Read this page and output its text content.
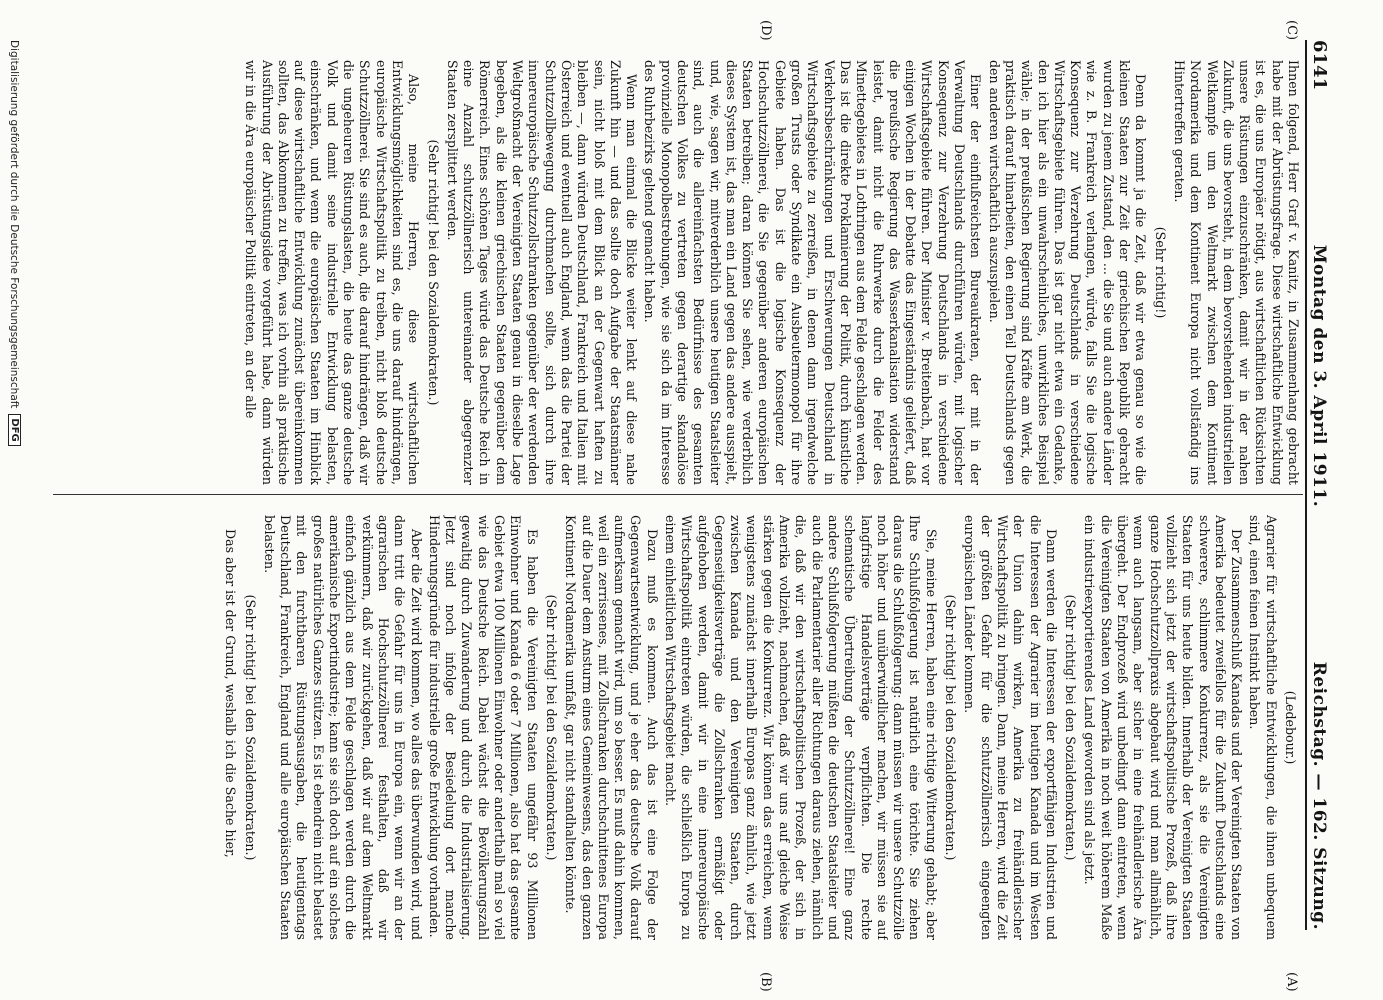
6141
Montag den 3. April 1911.
Reichstag. — 162. Sitzung.
(C)
(D)
(A)
(B)

Ihnen folgend, Herr Graf v. Kanitz, in Zusammenhang gebracht habe mit der Abrüstungsfrage. Diese wirtschaftliche Entwicklung ist es, die uns Europäer nötigt, aus wirtschaftlichen Rücksichten unsere Rüstungen einzuschränken, damit wir in der nahen Zukunft, die uns bevorsteht, in dem bevorstehenden industriellen Weltkampfe um den Weltmarkt zwischen dem Kontinent Nordamerika und dem Kontinent Europa nicht vollständig ins Hintertreffen geraten.

(Sehr richtig!)

Denn da kommt ja die Zeit, daß wir etwa genau so wie die kleinen Staaten zur Zeit der griechischen Republik gebracht wurden zu jenem Zustand, den ... die Sie und auch andere Länder wie z. B. Frankreich verlangen, würde, falls Sie die logische Konsequenz zur Verzehrung Deutschlands in verschiedene Wirtschaftsgebiete führen. Das ist gar nicht etwa ein Gedanke, den ich hier als ein unwahrscheinliches, unwirkliches Beispiel wähle; in der preußischen Regierung sind Kräfte am Werk, die praktisch darauf hinarbeiten, den einen Teil Deutschlands gegen den anderen wirtschaftlich auszuspielen.

Einer der einflußreichsten Bureaukraten, der mit in der Verwaltung Deutschlands durchführen würden, mit logischer Konsequenz zur Verzehrung Deutschlands in verschiedene Wirtschaftsgebiete führen. Der Minister v. Breitenbach, hat vor einigen Wochen in der Debatte das Eingeständnis geliefert, daß die preußische Regierung das Wasserkanalisation widerstand leistet, damit nicht die Ruhrwerke durch die Felder des Minettegebietes in Lothringen aus dem Felde geschlagen werden. Das ist die direkte Proklamierung der Politik, durch künstliche Verkehrsbeschränkungen und Erschwerungen Deutschland in Wirtschaftsgebiete zu zerreißen, in denen dann irgendwelche großen Trusts oder Syndikate ein Ausbeutermonopol für ihre Gebiete haben. Das ist die logische Konsequenz der Hochschutzzöllnerei, die Sie gegenüber anderen europäischen Staaten betreiben; daran können Sie sehen, wie verderblich dieses System ist, das man ein Land gegen das andere ausspielt, und, wie, sagen wir, mitverderblich unsere heutigen Staatsleiter sind, auch die allereinfachsten Bedürfnisse des gesamten deutschen Volkes zu vertreten gegen derartige skandalöse provinzielle Monopolbestrebungen, wie sie sich da im Interesse des Ruhrbezirks geltend gemacht haben.

Wenn man einmal die Blicke weiter lenkt auf diese nahe Zukunft hin — und das sollte doch Aufgabe der Staatsmänner sein, nicht bloß mit dem Blick an der Gegenwart haften zu bleiben —, dann würden Deutschland, Frankreich und Italien mit Österreich und eventuell auch England, wenn das die Partei der Schutzzollbewegung durchmachen sollte, sich durch ihre innereuropäische Schutzzollschranken gegenüber der werdenden Weltgroßmacht der Vereinigten Staaten genau in dieselbe Lage begeben, als die kleinen griechischen Staaten gegenüber dem Römerreich. Eines schönen Tages würde das Deutsche Reich in eine Anzahl schutzzöllnerisch untereinander abgegrenzter Staaten zersplittert werden.

(Sehr richtig! bei den Sozialdemokraten.)

Also, meine Herren, diese wirtschaftlichen Entwicklungsmöglichkeiten sind es, die uns darauf hindrängen, europäische Wirtschaftspolitik zu treiben, nicht bloß deutsche Schutzzöllnerei. Sie sind es auch, die darauf hindrängen, daß wir die ungeheuren Rüstungslasten, die heute das ganze deutsche Volk und damit seine industrielle Entwicklung belasten, einschränken, und wenn die europäischen Staaten im Hinblick auf diese wirtschaftliche Entwicklung zunächst übereinkommen sollten, das Abkommen zu treffen, was ich vorhin als praktische Ausführung der Abrüstungsidee vorgeführt habe, dann würden wir in die Ära europäischer Politik eintreten, an der alle

(Ledebour.)

Agrarier für wirtschaftliche Entwicklungen, die ihnen unbequem sind, einen feinen Instinkt haben.

Der Zusammenschluß Kanadas und der Vereinigten Staaten von Amerika bedeutet zweifellos für die Zukunft Deutschlands eine schwerere, schlimmere Konkurrenz, als sie die Vereinigten Staaten für uns heute bilden. Innerhalb der Vereinigten Staaten vollzieht sich jetzt der wirtschaftspolitische Prozeß, daß ihre ganze Hochschutzzollpraxis abgebaut wird und man allmählich, wenn auch langsam, aber sicher in eine freihändlerische Ära übergeht. Der Endprozeß wird unbedingt dann eintreten, wenn die Vereinigten Staaten von Amerika in noch weit höherem Maße ein industrieexportierendes Land geworden sind als jetzt.

(Sehr richtig! bei den Sozialdemokraten.)

Dann werden die Interessen der exportfähigen Industrien und die Interessen der Agrarier im heutigen Kanada und im Westen der Union dahin wirken, Amerika zu freihändlerischer Wirtschaftspolitik zu bringen. Dann, meine Herren, wird die Zeit der größten Gefahr für die schutzzöllnerisch eingeengten europäischen Länder kommen.

(Sehr richtig! bei den Sozialdemokraten.)

Sie, meine Herren, haben eine richtige Witterung gehabt; aber Ihre Schlußfolgerung ist natürlich eine törichte. Sie ziehen daraus die Schlußfolgerung: dann müssen wir unsere Schutzzölle noch höher und unüberwindlicher machen, wir müssen sie auf langfristige Handelsverträge verpflichten. Die rechte schematische Übertreibung der Schutzzöllnerei! Eine ganz andere Schlußfolgerung müßten die deutschen Staatsleiter und auch die Parlamentarier aller Richtungen daraus ziehen, nämlich die, daß wir den wirtschaftspolitischen Prozeß, der sich in Amerika vollzieht, nachmachen, daß wir uns auf gleiche Weise stärken gegen die Konkurrenz. Wir können das erreichen, wenn wenigstens zunächst innerhalb Europas ganz ähnlich, wie jetzt zwischen Kanada und den Vereinigten Staaten, durch Gegenseitigkeitsverträge die Zollschranken ermäßigt oder aufgehoben werden, damit wir in eine innereuropäische Wirtschaftspolitik eintreten würden, die schließlich Europa zu einem einheitlichen Wirtschaftsgebiet macht.

Dazu muß es kommen. Auch das ist eine Folge der Gegenwartsentwicklung, und je eher das deutsche Volk darauf aufmerksam gemacht wird, um so besser. Es muß dahin kommen, weil ein zerrissenes, mit Zollschranken durchschnittenes Europa auf die Dauer dem Ansturm eines Gemeinwesens, das den ganzen Kontinent Nordamerika umfaßt, gar nicht standhalten könnte.

(Sehr richtig! bei den Sozialdemokraten.)

Es haben die Vereinigten Staaten ungefähr 93 Millionen Einwohner und Kanada 6 oder 7 Millionen, also hat das gesamte Gebiet etwa 100 Millionen Einwohner oder anderthalb mal so viel wie das Deutsche Reich. Dabei wächst die Bevölkerungszahl gewaltig durch Zuwanderung und durch die Industrialisierung. Jetzt sind noch infolge der Besiedelung dort manche Hinderungsgründe für industrielle große Entwicklung vorhanden.

Aber die Zeit wird kommen, wo alles das überwunden wird, und dann tritt die Gefahr für uns in Europa ein, wenn wir an der agrarischen Hochschutzzöllnerei festhalten, daß wir verkümmern, daß wir zurückgehen, daß wir auf dem Weltmarkt einfach gänzlich aus dem Felde geschlagen werden durch die amerikanische Exportindustrie; kann sie sich doch auf ein solches großes natürliches Ganzes stützen. Es ist ebendrein nicht belastet mit den furchtbaren Rüstungsausgaben, die heutigentags Deutschland, Frankreich, England und alle europäischen Staaten belasten.

(Sehr richtig! bei den Sozialdemokraten.)

Das aber ist der Grund, weshalb ich die Sache hier,

Digitalisierung gefördert durch die Deutsche Forschungsgemeinschaft
DFG
